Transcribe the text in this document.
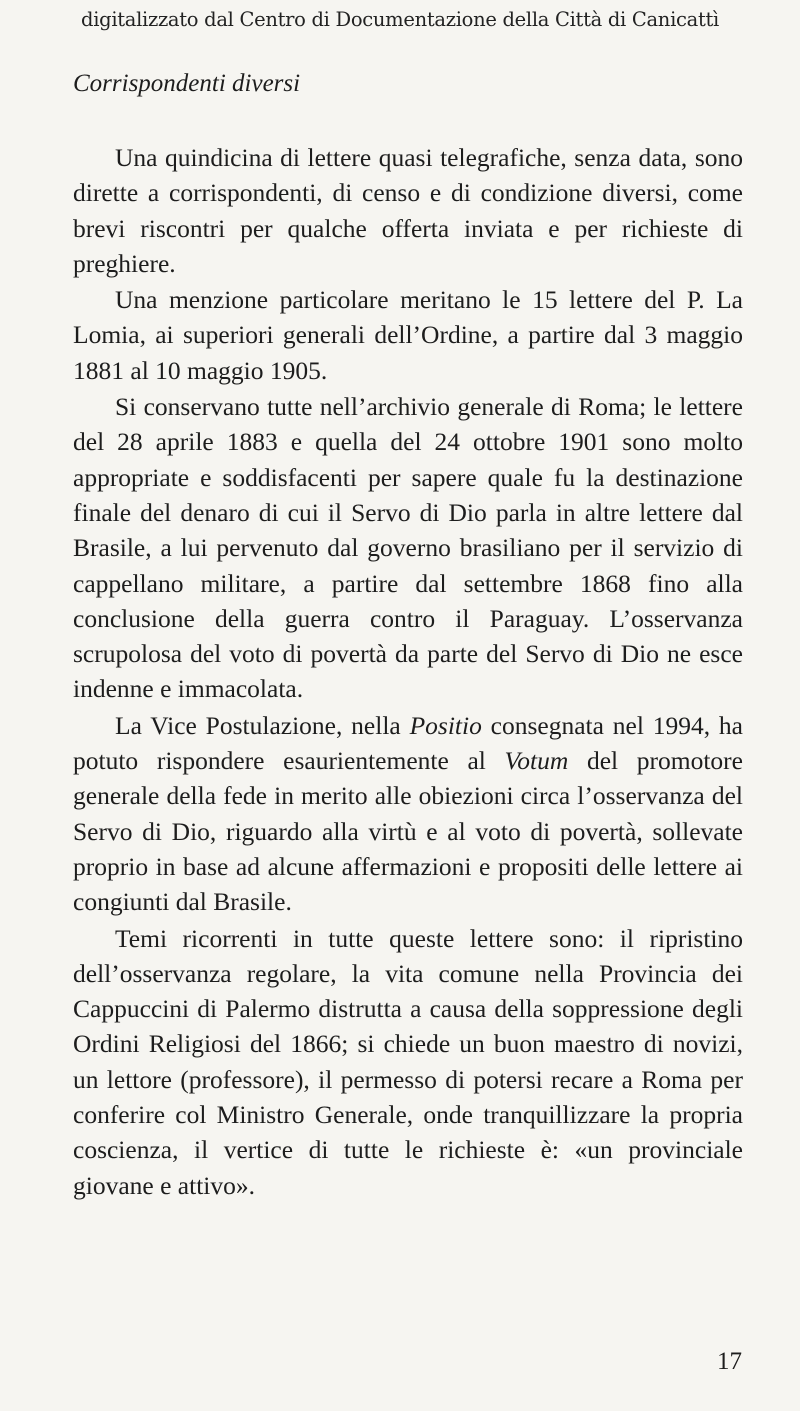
digitalizzato dal Centro di Documentazione della Città di Canicattì
Corrispondenti diversi

Una quindicina di lettere quasi telegrafiche, senza data, sono dirette a corrispondenti, di censo e di condizione diversi, come brevi riscontri per qualche offerta inviata e per richieste di preghiere.

Una menzione particolare meritano le 15 lettere del P. La Lomia, ai superiori generali dell’Ordine, a partire dal 3 maggio 1881 al 10 maggio 1905.

Si conservano tutte nell’archivio generale di Roma; le lettere del 28 aprile 1883 e quella del 24 ottobre 1901 sono molto appropriate e soddisfacenti per sapere quale fu la destinazione finale del denaro di cui il Servo di Dio parla in altre lettere dal Brasile, a lui pervenuto dal governo brasiliano per il servizio di cappellano militare, a partire dal settembre 1868 fino alla conclusione della guerra contro il Paraguay. L’osservanza scrupolosa del voto di povertà da parte del Servo di Dio ne esce indenne e immacolata.

La Vice Postulazione, nella Positio consegnata nel 1994, ha potuto rispondere esaurientemente al Votum del promotore generale della fede in merito alle obiezioni circa l’osservanza del Servo di Dio, riguardo alla virtù e al voto di povertà, sollevate proprio in base ad alcune affermazioni e propositi delle lettere ai congiunti dal Brasile.

Temi ricorrenti in tutte queste lettere sono: il ripristino dell’osservanza regolare, la vita comune nella Provincia dei Cappuccini di Palermo distrutta a causa della soppressione degli Ordini Religiosi del 1866; si chiede un buon maestro di novizi, un lettore (professore), il permesso di potersi recare a Roma per conferire col Ministro Generale, onde tranquillizzare la propria coscienza, il vertice di tutte le richieste è: «un provinciale giovane e attivo».

17
